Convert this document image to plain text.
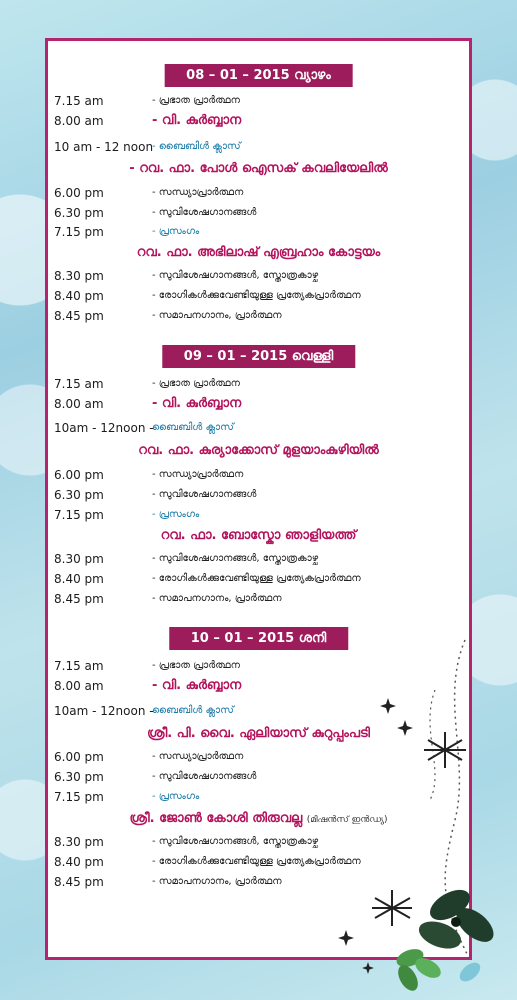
08 – 01 – 2015 വ്യാഴം
7.15 am	- പ്രഭാത പ്രാർത്ഥന
8.00 am	- വി. കുർബ്ബാന
10 am - 12 noon
- ബൈബിൾ ക്ലാസ്
- റവ. ഫാ. പോൾ ഐസക് കവലിയേലിൽ
6.00 pm	- സന്ധ്യാപ്രാർത്ഥന
6.30 pm	- സുവിശേഷഗാനങ്ങൾ
7.15 pm	- പ്രസംഗം
റവ. ഫാ. അഭിലാഷ് എബ്രഹാം കോട്ടയം
8.30 pm	- സുവിശേഷഗാനങ്ങൾ, സ്തോത്രകാഴ്ച
8.40 pm	- രോഗികൾക്കുവേണ്ടിയുള്ള പ്രത്യേകപ്രാർത്ഥന
8.45 pm	- സമാപനഗാനം, പ്രാർത്ഥന
09 – 01 – 2015 വെള്ളി
7.15 am	- പ്രഭാത പ്രാർത്ഥന
8.00 am	- വി. കുർബ്ബാന
10am - 12noon -
ബൈബിൾ ക്ലാസ്
റവ. ഫാ. കുര്യാക്കോസ് മുളയാംകുഴിയിൽ
6.00 pm	- സന്ധ്യാപ്രാർത്ഥന
6.30 pm	- സുവിശേഷഗാനങ്ങൾ
7.15 pm	- പ്രസംഗം
റവ. ഫാ. ബോസ്കോ ഞാളിയത്ത്
8.30 pm	- സുവിശേഷഗാനങ്ങൾ, സ്തോത്രകാഴ്ച
8.40 pm	- രോഗികൾക്കുവേണ്ടിയുള്ള പ്രത്യേകപ്രാർത്ഥന
8.45 pm	- സമാപനഗാനം, പ്രാർത്ഥന
10 – 01 – 2015 ശനി
7.15 am	- പ്രഭാത പ്രാർത്ഥന
8.00 am	- വി. കുർബ്ബാന
10am - 12noon -
ബൈബിൾ ക്ലാസ്
ശ്രീ. പി. വൈ. ഏലിയാസ് കുറുപ്പംപടി
6.00 pm	- സന്ധ്യാപ്രാർത്ഥന
6.30 pm	- സുവിശേഷഗാനങ്ങൾ
7.15 pm	- പ്രസംഗം
ശ്രീ. ജോൺ കോശി തിരുവല്ല (മിഷൻസ് ഇൻഡ്യ)
8.30 pm	- സുവിശേഷഗാനങ്ങൾ, സ്തോത്രകാഴ്ച
8.40 pm	- രോഗികൾക്കുവേണ്ടിയുള്ള പ്രത്യേകപ്രാർത്ഥന
8.45 pm	- സമാപനഗാനം, പ്രാർത്ഥന
